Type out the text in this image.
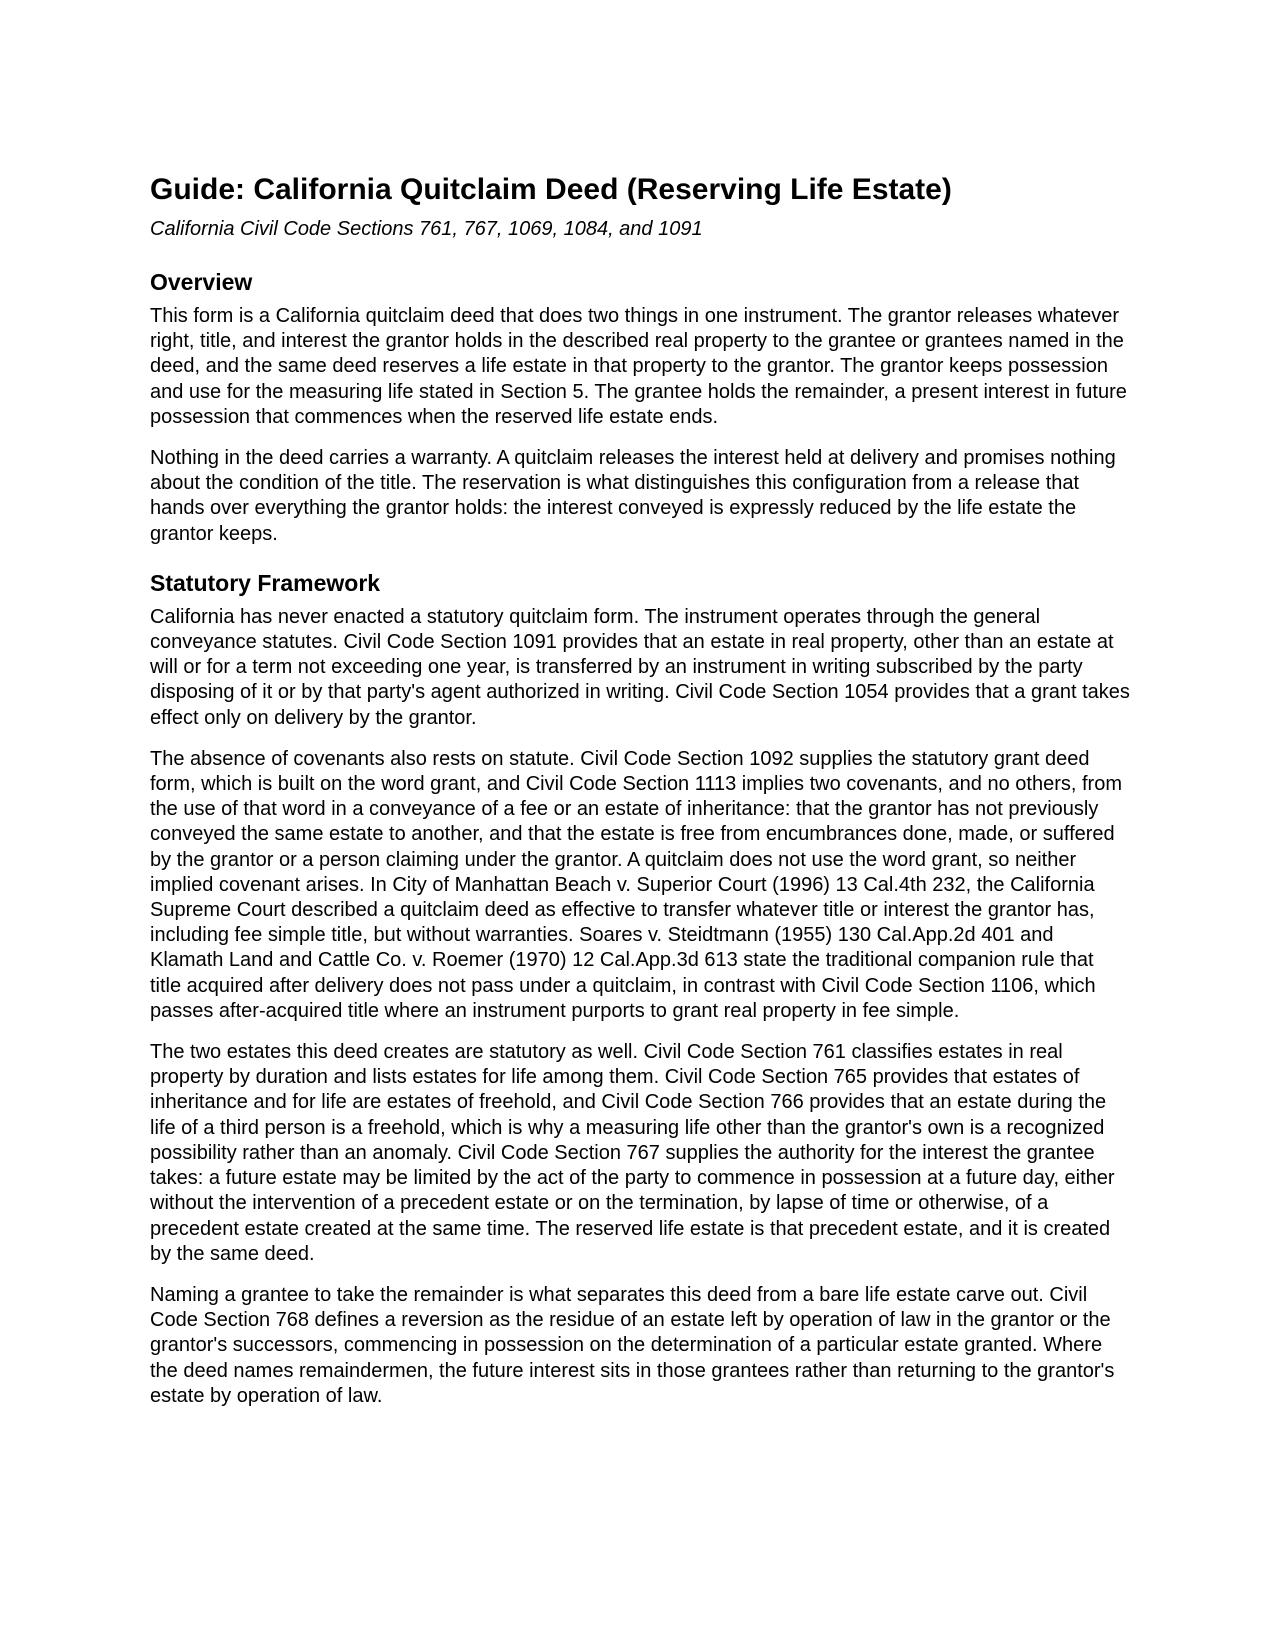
Guide: California Quitclaim Deed (Reserving Life Estate)

California Civil Code Sections 761, 767, 1069, 1084, and 1091

Overview

This form is a California quitclaim deed that does two things in one instrument. The grantor releases whatever right, title, and interest the grantor holds in the described real property to the grantee or grantees named in the deed, and the same deed reserves a life estate in that property to the grantor. The grantor keeps possession and use for the measuring life stated in Section 5. The grantee holds the remainder, a present interest in future possession that commences when the reserved life estate ends.

Nothing in the deed carries a warranty. A quitclaim releases the interest held at delivery and promises nothing about the condition of the title. The reservation is what distinguishes this configuration from a release that hands over everything the grantor holds: the interest conveyed is expressly reduced by the life estate the grantor keeps.

Statutory Framework

California has never enacted a statutory quitclaim form. The instrument operates through the general conveyance statutes. Civil Code Section 1091 provides that an estate in real property, other than an estate at will or for a term not exceeding one year, is transferred by an instrument in writing subscribed by the party disposing of it or by that party's agent authorized in writing. Civil Code Section 1054 provides that a grant takes effect only on delivery by the grantor.

The absence of covenants also rests on statute. Civil Code Section 1092 supplies the statutory grant deed form, which is built on the word grant, and Civil Code Section 1113 implies two covenants, and no others, from the use of that word in a conveyance of a fee or an estate of inheritance: that the grantor has not previously conveyed the same estate to another, and that the estate is free from encumbrances done, made, or suffered by the grantor or a person claiming under the grantor. A quitclaim does not use the word grant, so neither implied covenant arises. In City of Manhattan Beach v. Superior Court (1996) 13 Cal.4th 232, the California Supreme Court described a quitclaim deed as effective to transfer whatever title or interest the grantor has, including fee simple title, but without warranties. Soares v. Steidtmann (1955) 130 Cal.App.2d 401 and Klamath Land and Cattle Co. v. Roemer (1970) 12 Cal.App.3d 613 state the traditional companion rule that title acquired after delivery does not pass under a quitclaim, in contrast with Civil Code Section 1106, which passes after-acquired title where an instrument purports to grant real property in fee simple.

The two estates this deed creates are statutory as well. Civil Code Section 761 classifies estates in real property by duration and lists estates for life among them. Civil Code Section 765 provides that estates of inheritance and for life are estates of freehold, and Civil Code Section 766 provides that an estate during the life of a third person is a freehold, which is why a measuring life other than the grantor's own is a recognized possibility rather than an anomaly. Civil Code Section 767 supplies the authority for the interest the grantee takes: a future estate may be limited by the act of the party to commence in possession at a future day, either without the intervention of a precedent estate or on the termination, by lapse of time or otherwise, of a precedent estate created at the same time. The reserved life estate is that precedent estate, and it is created by the same deed.

Naming a grantee to take the remainder is what separates this deed from a bare life estate carve out. Civil Code Section 768 defines a reversion as the residue of an estate left by operation of law in the grantor or the grantor's successors, commencing in possession on the determination of a particular estate granted. Where the deed names remaindermen, the future interest sits in those grantees rather than returning to the grantor's estate by operation of law.
